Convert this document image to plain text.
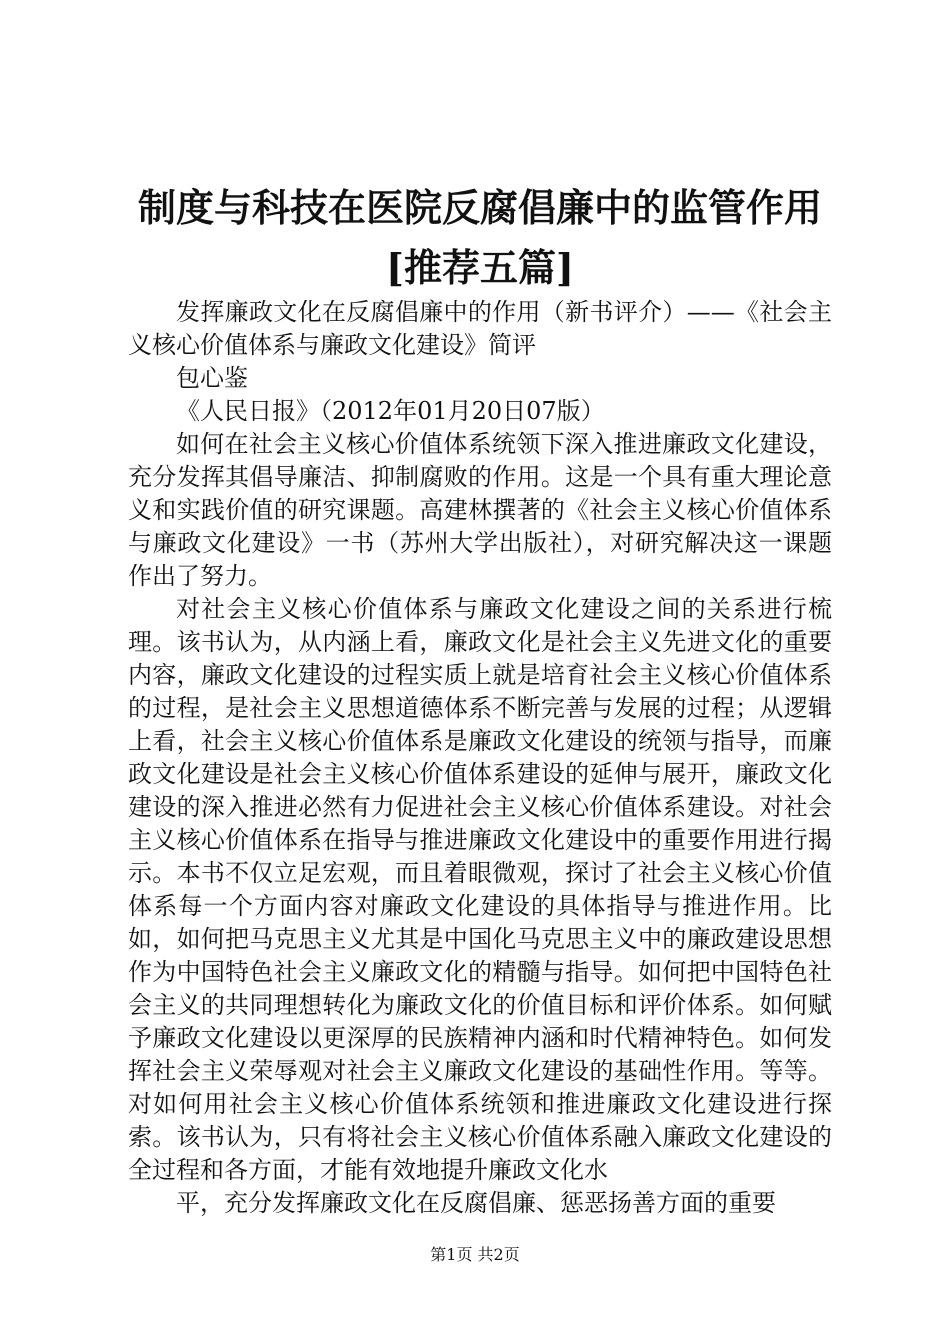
制度与科技在医院反腐倡廉中的监管作用[推荐五篇]

发挥廉政文化在反腐倡廉中的作用（新书评介）——《社会主义核心价值体系与廉政文化建设》简评

包心鉴

《人民日报》（2012年01月20日07版）

如何在社会主义核心价值体系统领下深入推进廉政文化建设，充分发挥其倡导廉洁、抑制腐败的作用。这是一个具有重大理论意义和实践价值的研究课题。高建林撰著的《社会主义核心价值体系与廉政文化建设》一书（苏州大学出版社），对研究解决这一课题作出了努力。

对社会主义核心价值体系与廉政文化建设之间的关系进行梳理。该书认为，从内涵上看，廉政文化是社会主义先进文化的重要内容，廉政文化建设的过程实质上就是培育社会主义核心价值体系的过程，是社会主义思想道德体系不断完善与发展的过程；从逻辑上看，社会主义核心价值体系是廉政文化建设的统领与指导，而廉政文化建设是社会主义核心价值体系建设的延伸与展开，廉政文化建设的深入推进必然有力促进社会主义核心价值体系建设。对社会主义核心价值体系在指导与推进廉政文化建设中的重要作用进行揭示。本书不仅立足宏观，而且着眼微观，探讨了社会主义核心价值体系每一个方面内容对廉政文化建设的具体指导与推进作用。比如，如何把马克思主义尤其是中国化马克思主义中的廉政建设思想作为中国特色社会主义廉政文化的精髓与指导。如何把中国特色社会主义的共同理想转化为廉政文化的价值目标和评价体系。如何赋予廉政文化建设以更深厚的民族精神内涵和时代精神特色。如何发挥社会主义荣辱观对社会主义廉政文化建设的基础性作用。等等。对如何用社会主义核心价值体系统领和推进廉政文化建设进行探索。该书认为，只有将社会主义核心价值体系融入廉政文化建设的全过程和各方面，才能有效地提升廉政文化水

平，充分发挥廉政文化在反腐倡廉、惩恶扬善方面的重要

第1页 共2页
